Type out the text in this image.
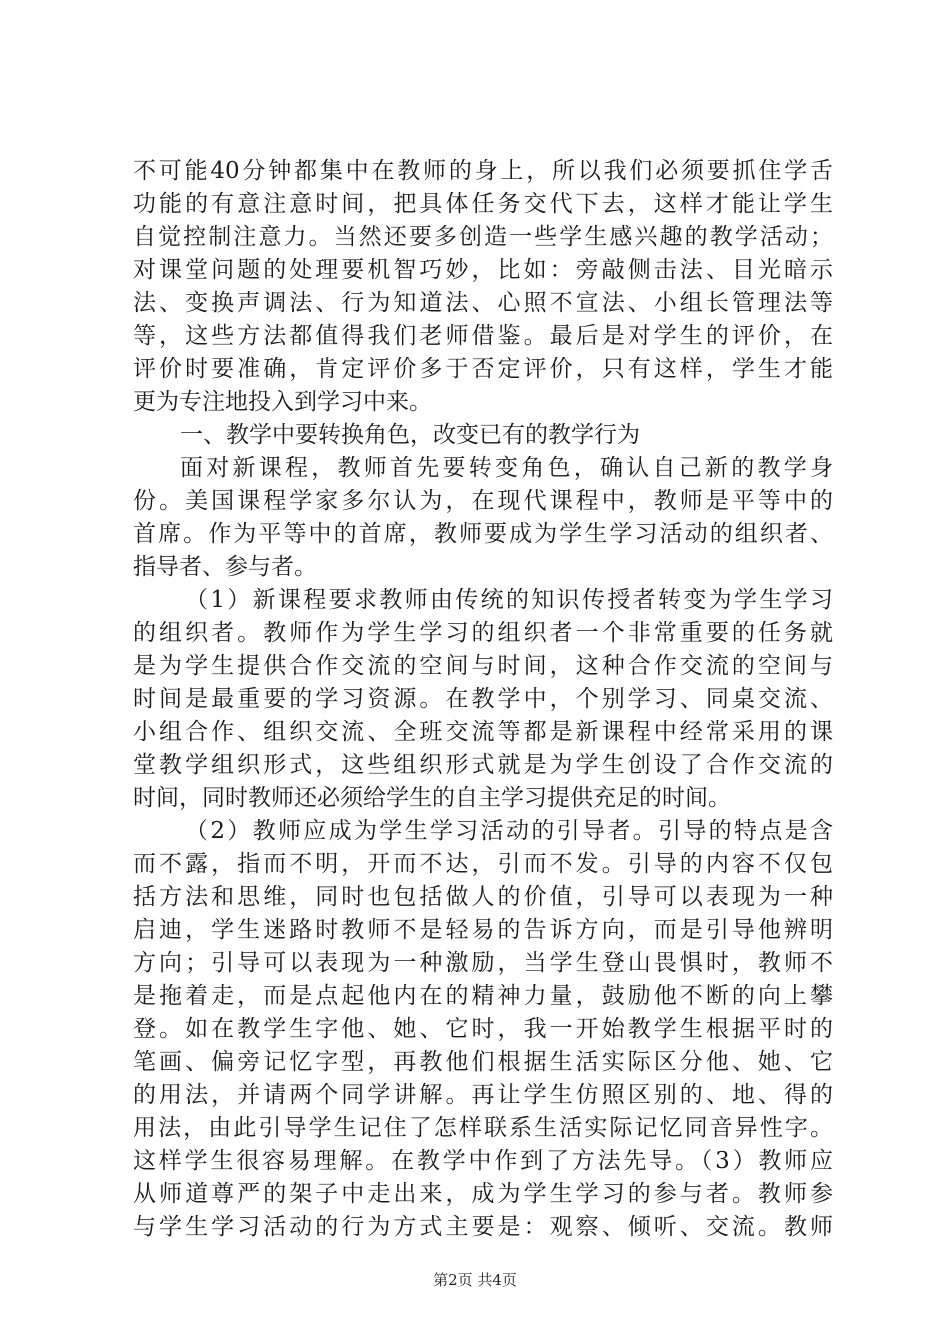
不可能40分钟都集中在教师的身上，所以我们必须要抓住学舌
功能的有意注意时间，把具体任务交代下去，这样才能让学生
自觉控制注意力。当然还要多创造一些学生感兴趣的教学活动；
对课堂问题的处理要机智巧妙，比如：旁敲侧击法、目光暗示
法、变换声调法、行为知道法、心照不宣法、小组长管理法等
等，这些方法都值得我们老师借鉴。最后是对学生的评价，在
评价时要准确，肯定评价多于否定评价，只有这样，学生才能
更为专注地投入到学习中来。
一、教学中要转换角色，改变已有的教学行为
面对新课程，教师首先要转变角色，确认自己新的教学身
份。美国课程学家多尔认为，在现代课程中，教师是平等中的
首席。作为平等中的首席，教师要成为学生学习活动的组织者、
指导者、参与者。
（1）新课程要求教师由传统的知识传授者转变为学生学习
的组织者。教师作为学生学习的组织者一个非常重要的任务就
是为学生提供合作交流的空间与时间，这种合作交流的空间与
时间是最重要的学习资源。在教学中，个别学习、同桌交流、
小组合作、组织交流、全班交流等都是新课程中经常采用的课
堂教学组织形式，这些组织形式就是为学生创设了合作交流的
时间，同时教师还必须给学生的自主学习提供充足的时间。
（2）教师应成为学生学习活动的引导者。引导的特点是含
而不露，指而不明，开而不达，引而不发。引导的内容不仅包
括方法和思维，同时也包括做人的价值，引导可以表现为一种
启迪，学生迷路时教师不是轻易的告诉方向，而是引导他辨明
方向；引导可以表现为一种激励，当学生登山畏惧时，教师不
是拖着走，而是点起他内在的精神力量，鼓励他不断的向上攀
登。如在教学生字他、她、它时，我一开始教学生根据平时的
笔画、偏旁记忆字型，再教他们根据生活实际区分他、她、它
的用法，并请两个同学讲解。再让学生仿照区别的、地、得的
用法，由此引导学生记住了怎样联系生活实际记忆同音异性字。
这样学生很容易理解。在教学中作到了方法先导。（3）教师应
从师道尊严的架子中走出来，成为学生学习的参与者。教师参
与学生学习活动的行为方式主要是：观察、倾听、交流。教师
第2页 共4页
